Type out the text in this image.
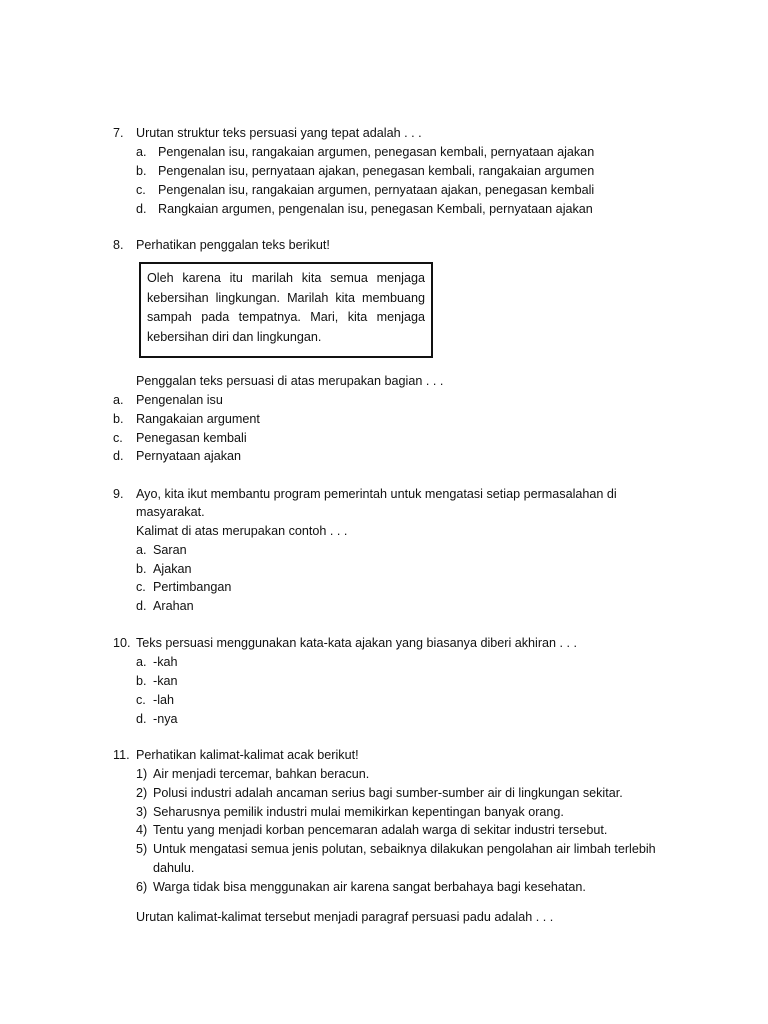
7. Urutan struktur teks persuasi yang tepat adalah . . .
a. Pengenalan isu, rangakaian argumen, penegasan kembali, pernyataan ajakan
b. Pengenalan isu, pernyataan ajakan, penegasan kembali, rangakaian argumen
c. Pengenalan isu, rangakaian argumen, pernyataan ajakan, penegasan kembali
d. Rangkaian argumen, pengenalan isu, penegasan Kembali, pernyataan ajakan
8. Perhatikan penggalan teks berikut!

Oleh karena itu marilah kita semua menjaga kebersihan lingkungan. Marilah kita membuang sampah pada tempatnya. Mari, kita menjaga kebersihan diri dan lingkungan.

Penggalan teks persuasi di atas merupakan bagian . . .
a. Pengenalan isu
b. Rangakaian argument
c. Penegasan kembali
d. Pernyataan ajakan
9. Ayo, kita ikut membantu program pemerintah untuk mengatasi setiap permasalahan di
masyarakat.
Kalimat di atas merupakan contoh . . .
a. Saran
b. Ajakan
c. Pertimbangan
d. Arahan
10. Teks persuasi menggunakan kata-kata ajakan yang biasanya diberi akhiran . . .
a. -kah
b. -kan
c. -lah
d. -nya
11. Perhatikan kalimat-kalimat acak berikut!
1) Air menjadi tercemar, bahkan beracun.
2) Polusi industri adalah ancaman serius bagi sumber-sumber air di lingkungan sekitar.
3) Seharusnya pemilik industri mulai memikirkan kepentingan banyak orang.
4) Tentu yang menjadi korban pencemaran adalah warga di sekitar industri tersebut.
5) Untuk mengatasi semua jenis polutan, sebaiknya dilakukan pengolahan air limbah terlebih
dahulu.
6) Warga tidak bisa menggunakan air karena sangat berbahaya bagi kesehatan.
Urutan kalimat-kalimat tersebut menjadi paragraf persuasi padu adalah . . .
